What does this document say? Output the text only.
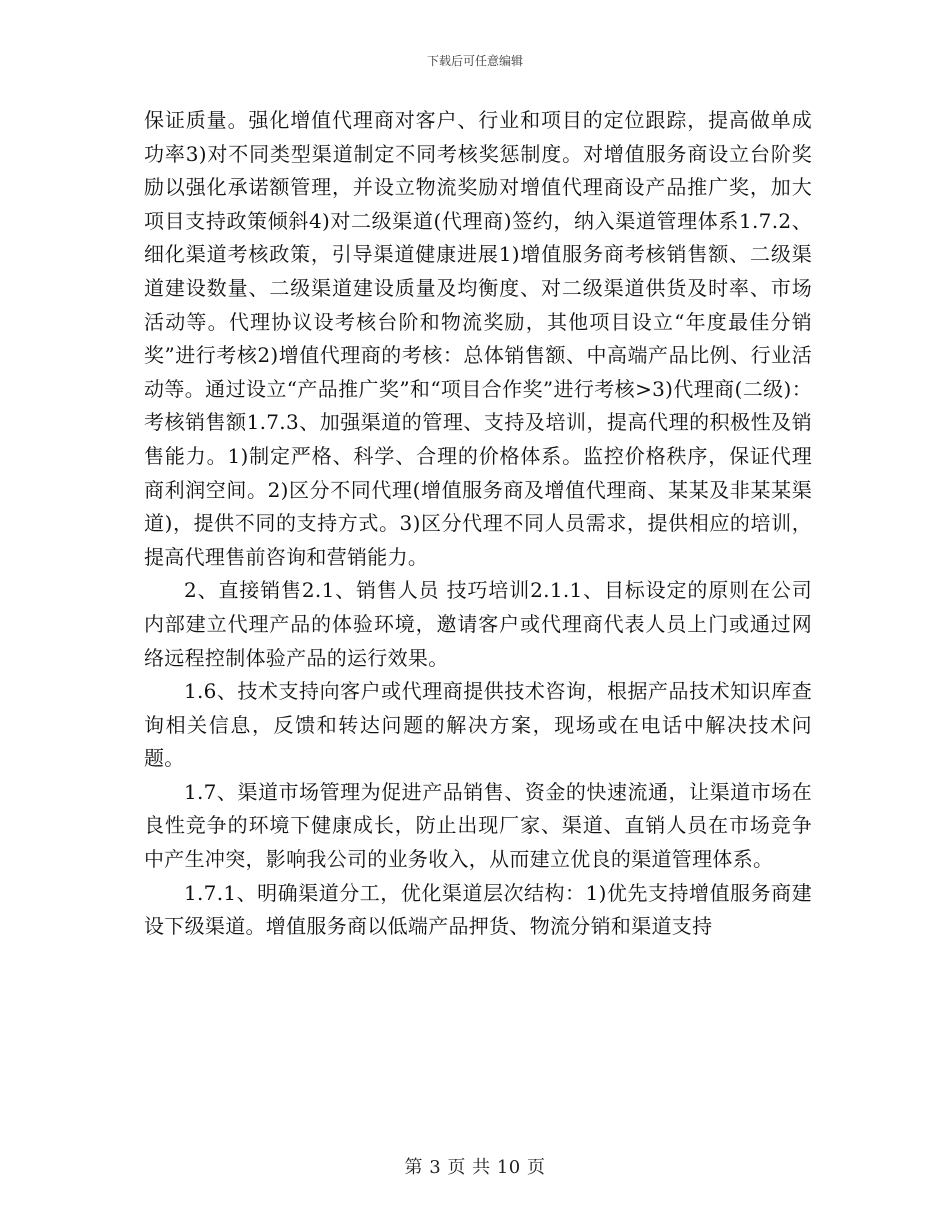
下载后可任意编辑

保证质量。强化增值代理商对客户、行业和项目的定位跟踪，提高做单成功率3)对不同类型渠道制定不同考核奖惩制度。对增值服务商设立台阶奖励以强化承诺额管理，并设立物流奖励对增值代理商设产品推广奖，加大项目支持政策倾斜4)对二级渠道(代理商)签约，纳入渠道管理体系1.7.2、细化渠道考核政策，引导渠道健康进展1)增值服务商考核销售额、二级渠道建设数量、二级渠道建设质量及均衡度、对二级渠道供货及时率、市场活动等。代理协议设考核台阶和物流奖励，其他项目设立“年度最佳分销奖”进行考核2)增值代理商的考核：总体销售额、中高端产品比例、行业活动等。通过设立“产品推广奖”和“项目合作奖”进行考核>3)代理商(二级)：考核销售额1.7.3、加强渠道的管理、支持及培训，提高代理的积极性及销售能力。1)制定严格、科学、合理的价格体系。监控价格秩序，保证代理商利润空间。2)区分不同代理(增值服务商及增值代理商、某某及非某某渠道)，提供不同的支持方式。3)区分代理不同人员需求，提供相应的培训，提高代理售前咨询和营销能力。

2、直接销售2.1、销售人员 技巧培训2.1.1、目标设定的原则在公司内部建立代理产品的体验环境，邀请客户或代理商代表人员上门或通过网络远程控制体验产品的运行效果。

1.6、技术支持向客户或代理商提供技术咨询，根据产品技术知识库查询相关信息，反馈和转达问题的解决方案，现场或在电话中解决技术问题。

1.7、渠道市场管理为促进产品销售、资金的快速流通，让渠道市场在良性竞争的环境下健康成长，防止出现厂家、渠道、直销人员在市场竞争中产生冲突，影响我公司的业务收入，从而建立优良的渠道管理体系。

1.7.1、明确渠道分工，优化渠道层次结构：1)优先支持增值服务商建设下级渠道。增值服务商以低端产品押货、物流分销和渠道支持

第 3 页 共 10 页
